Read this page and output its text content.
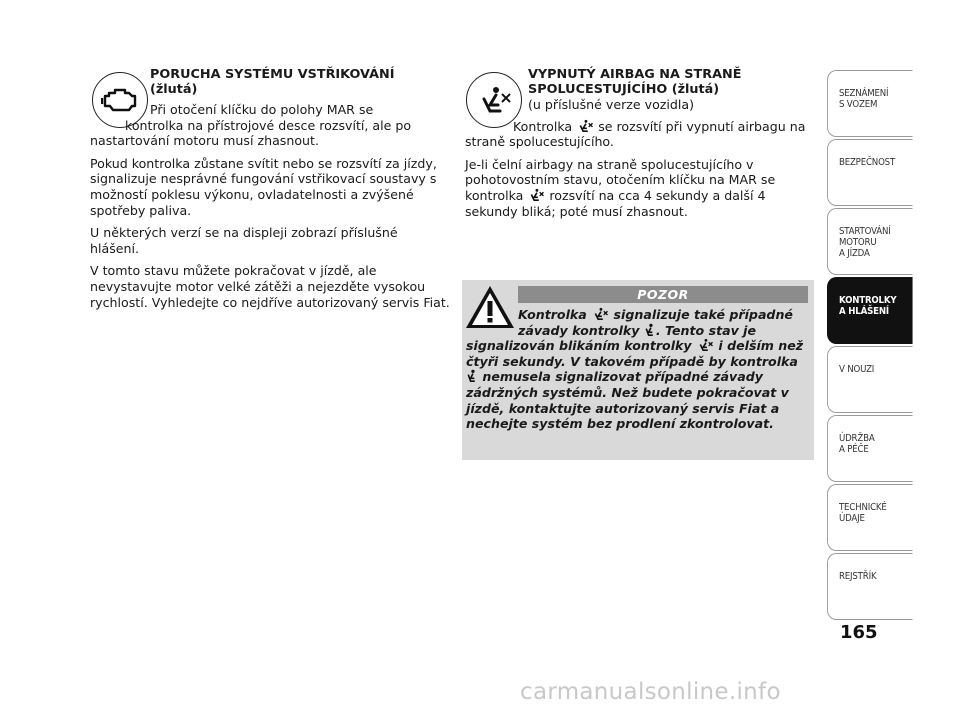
PORUCHA SYSTÉMU VSTŘIKOVÁNÍ
(žlutá)
Při otočení klíčku do polohy MAR se
kontrolka na přístrojové desce rozsvítí, ale po
nastartování motoru musí zhasnout.
Pokud kontrolka zůstane svítit nebo se rozsvítí za jízdy, signalizuje nesprávné fungování vstřikovací soustavy s možností poklesu výkonu, ovladatelnosti a zvýšené spotřeby paliva.
U některých verzí se na displeji zobrazí příslušné hlášení.
V tomto stavu můžete pokračovat v jízdě, ale nevystavujte motor velké zátěži a nejezděte vysokou rychlostí. Vyhledejte co nejdříve autorizovaný servis Fiat.
VYPNUTÝ AIRBAG NA STRANĚ
SPOLUCESTUJÍCÍHO (žlutá)
(u příslušné verze vozidla)
Kontrolka se rozsvítí při vypnutí airbagu na straně spolucestujícího.
Je-li čelní airbagy na straně spolucestujícího v pohotovostním stavu, otočením klíčku na MAR se kontrolka rozsvítí na cca 4 sekundy a další 4 sekundy bliká; poté musí zhasnout.
POZOR
Kontrolka signalizuje také případné
závady kontrolky . Tento stav je
signalizován blikáním kontrolky i delším než čtyři sekundy. V takovém případě by kontrolka  nemusela signalizovat případné závady zádržných systémů. Než budete pokračovat v jízdě, kontaktujte autorizovaný servis Fiat a nechejte systém bez prodlení zkontrolovat.
SEZNÁMENÍ
S VOZEM
BEZPEČNOST
STARTOVÁNÍ
MOTORU
A JÍZDA
KONTROLKY
A HLÁŠENÍ
V NOUZI
ÚDRŽBA
A PÉČE
TECHNICKÉ
ÚDAJE
REJSTŘÍK
165
carmanualsonline.info
